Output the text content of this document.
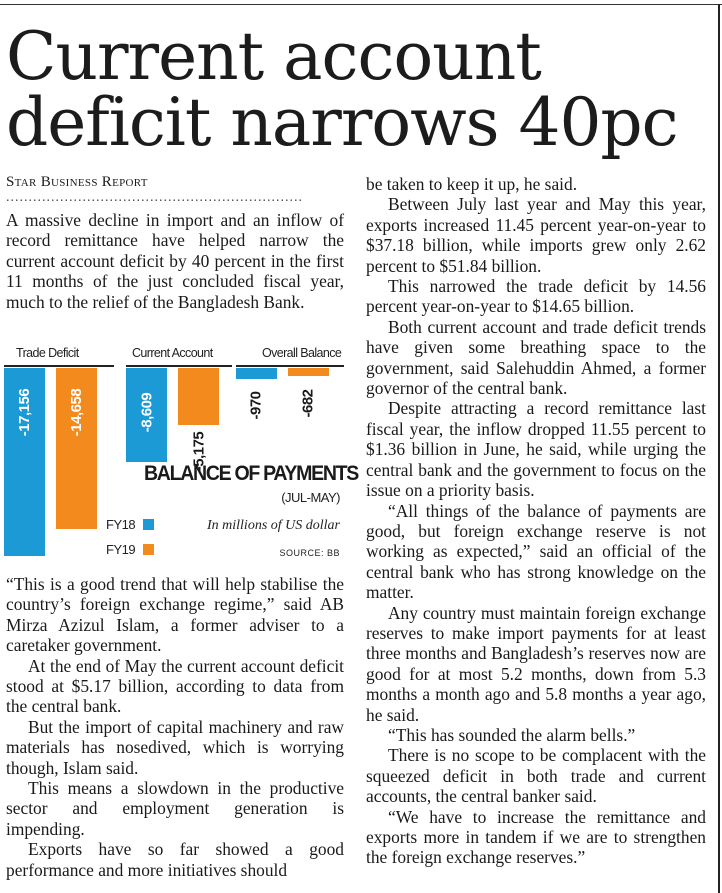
Current account deficit narrows 40pc
Star Business Report
..................................................................

A massive decline in import and an inflow of record remittance have helped narrow the current account deficit by 40 percent in the first 11 months of the just concluded fiscal year, much to the relief of the Bangladesh Bank.

Trade Deficit	Current Account	Overall Balance
-17,156	-8,609	-970
-14,658
-5,175
-682
BALANCE OF PAYMENTS
(JUL-MAY)
FY18
FY19
In millions of US dollar
SOURCE: BB

“This is a good trend that will help stabilise the country’s foreign exchange regime,” said AB Mirza Azizul Islam, a former adviser to a caretaker government.

At the end of May the current account deficit stood at $5.17 billion, according to data from the central bank.

But the import of capital machinery and raw materials has nosedived, which is worrying though, Islam said.

This means a slowdown in the productive sector and employment generation is impending.

Exports have so far showed a good performance and more initiatives should

be taken to keep it up, he said.

Between July last year and May this year, exports increased 11.45 percent year-on-year to $37.18 billion, while imports grew only 2.62 percent to $51.84 billion.

This narrowed the trade deficit by 14.56 percent year-on-year to $14.65 billion.

Both current account and trade deficit trends have given some breathing space to the government, said Salehuddin Ahmed, a former governor of the central bank.

Despite attracting a record remittance last fiscal year, the inflow dropped 11.55 percent to $1.36 billion in June, he said, while urging the central bank and the government to focus on the issue on a priority basis.

“All things of the balance of payments are good, but foreign exchange reserve is not working as expected,” said an official of the central bank who has strong knowledge on the matter.

Any country must maintain foreign exchange reserves to make import payments for at least three months and Bangladesh’s reserves now are good for at most 5.2 months, down from 5.3 months a month ago and 5.8 months a year ago, he said.

“This has sounded the alarm bells.”

There is no scope to be complacent with the squeezed deficit in both trade and current accounts, the central banker said.

“We have to increase the remittance and exports more in tandem if we are to strengthen the foreign exchange reserves.”
